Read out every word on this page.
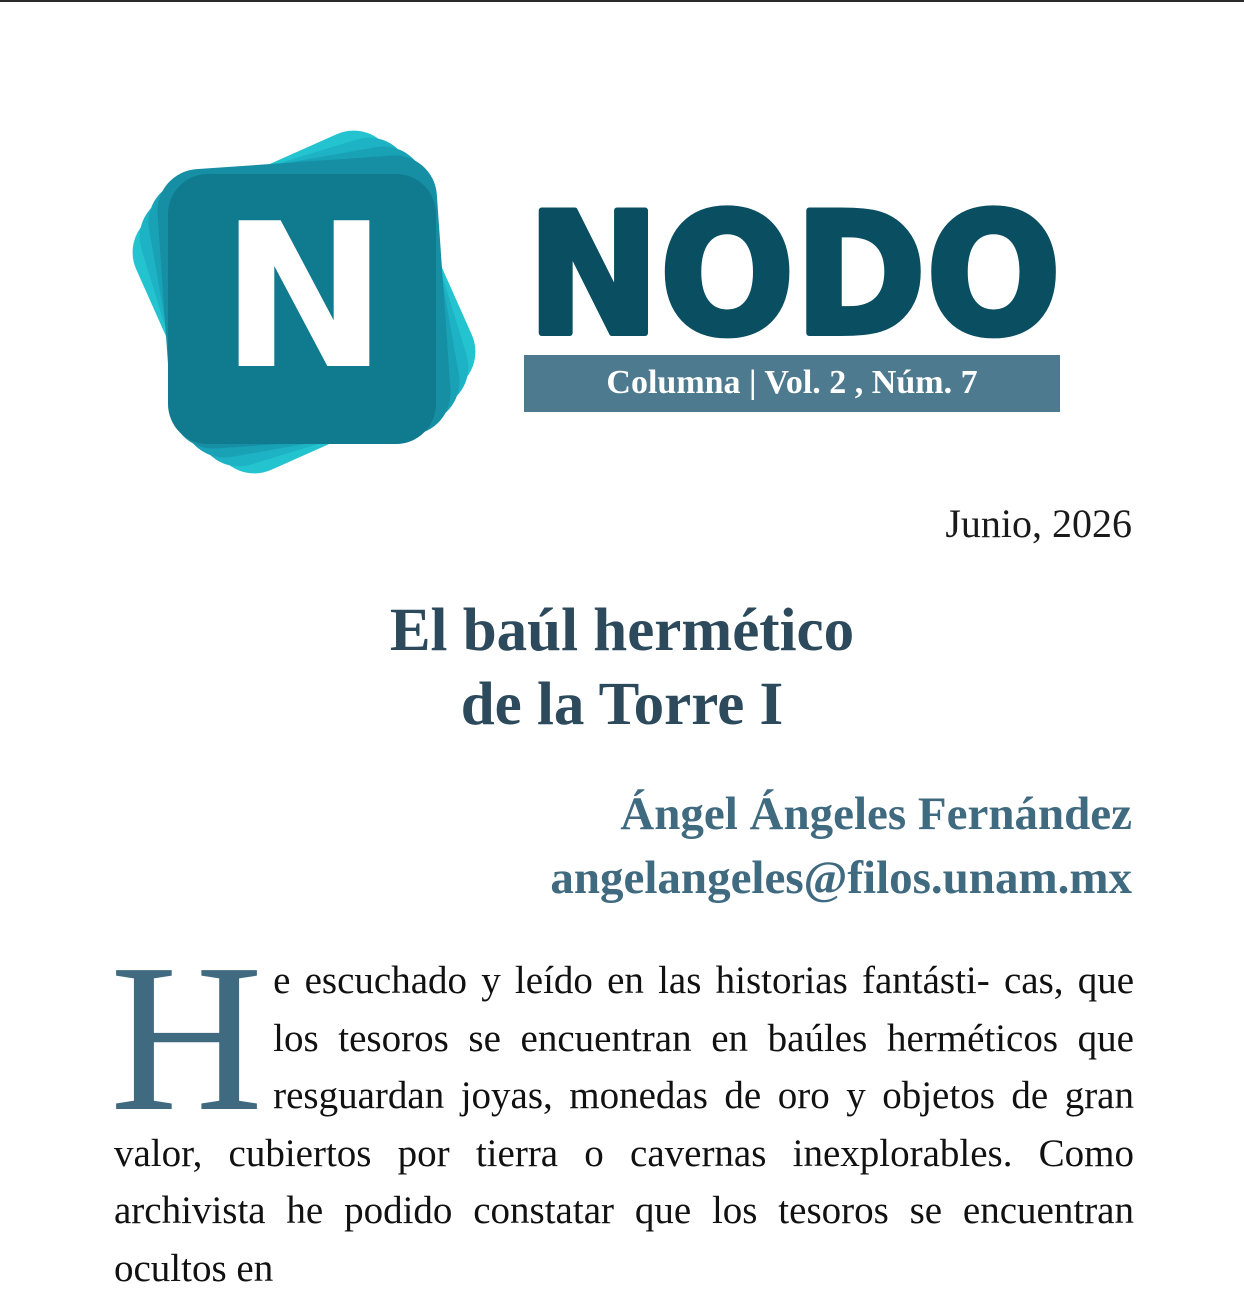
N NODO
Columna | Vol. 2 , Núm. 7
Junio, 2026
El baúl hermético
de la Torre I
Ángel Ángeles Fernández
angelangeles@filos.unam.mx

He escuchado y leído en las historias fantásti- cas, que los tesoros se encuentran en baúles herméticos que resguardan joyas, monedas de oro y objetos de gran valor, cubiertos por tierra o cavernas inexplorables. Como archivista he podido constatar que los tesoros se encuentran ocultos en
